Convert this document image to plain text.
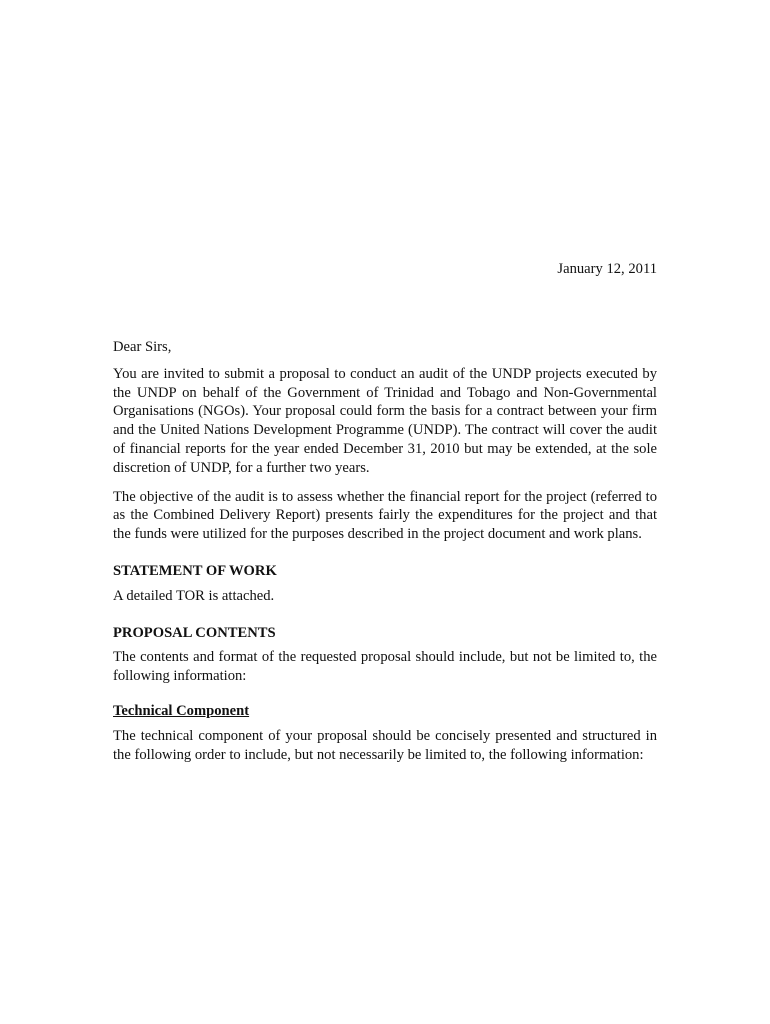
January 12, 2011

Dear Sirs,

You are invited to submit a proposal to conduct an audit of the UNDP projects executed by the UNDP on behalf of the Government of Trinidad and Tobago and Non-Governmental Organisations (NGOs). Your proposal could form the basis for a contract between your firm and the United Nations Development Programme (UNDP). The contract will cover the audit of financial reports for the year ended December 31, 2010 but may be extended, at the sole discretion of UNDP, for a further two years.

The objective of the audit is to assess whether the financial report for the project (referred to as the Combined Delivery Report) presents fairly the expenditures for the project and that the funds were utilized for the purposes described in the project document and work plans.

STATEMENT OF WORK

A detailed TOR is attached.

PROPOSAL CONTENTS

The contents and format of the requested proposal should include, but not be limited to, the following information:

Technical Component

The technical component of your proposal should be concisely presented and structured in the following order to include, but not necessarily be limited to, the following information:
